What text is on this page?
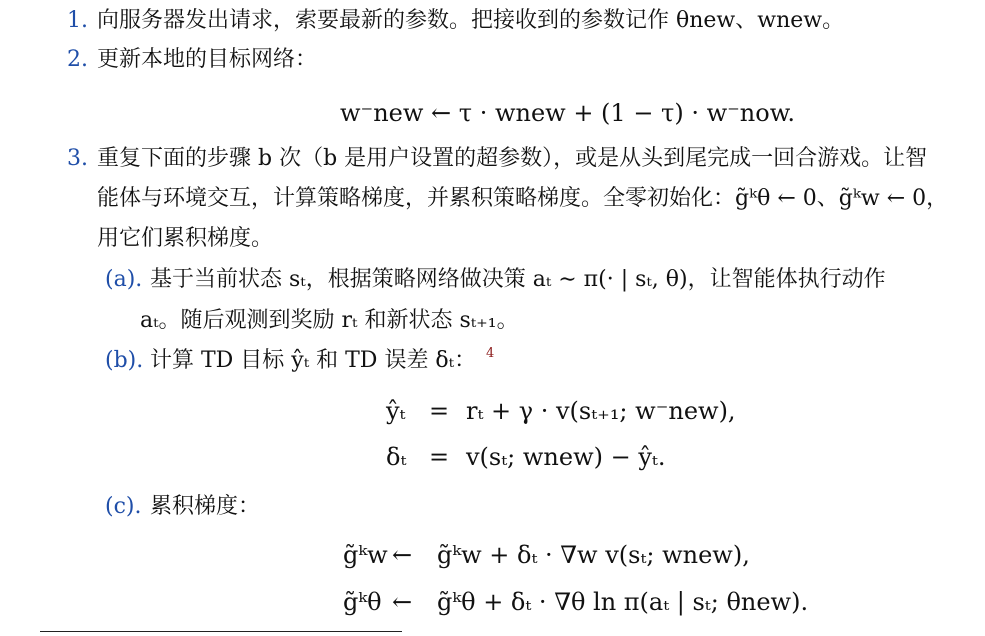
1. 向服务器发出请求，索要最新的参数。把接收到的参数记作 θnew、wnew。
2. 更新本地的目标网络：
w⁻new ← τ · wnew + (1 − τ) · w⁻now.
3. 重复下面的步骤 b 次（b 是用户设置的超参数），或是从头到尾完成一回合游戏。让智
能体与环境交互，计算策略梯度，并累积策略梯度。全零初始化：g̃ᵏθ ← 0、g̃ᵏw ← 0，
用它们累积梯度。
(a). 基于当前状态 sₜ，根据策略网络做决策 aₜ ∼ π(· | sₜ, θ)，让智能体执行动作
aₜ。随后观测到奖励 rₜ 和新状态 sₜ₊₁。
(b). 计算 TD 目标 ŷₜ 和 TD 误差 δₜ： 4
ŷₜ = rₜ + γ · v(sₜ₊₁; w⁻new),
δₜ = v(sₜ; wnew) − ŷₜ.
(c). 累积梯度：
g̃ᵏw ← g̃ᵏw + δₜ · ∇w v(sₜ; wnew),
g̃ᵏθ ← g̃ᵏθ + δₜ · ∇θ ln π(aₜ | sₜ; θnew).
